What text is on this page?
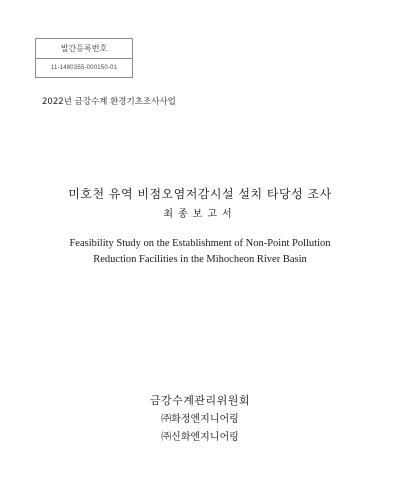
발간등록번호
11-1480355-000150-01
2022년 금강수계 환경기초조사사업
미호천 유역 비점오염저감시설 설치 타당성 조사
최종보고서
Feasibility Study on the Establishment of Non-Point Pollution
Reduction Facilities in the Mihocheon River Basin
금강수계관리위원회
㈜화정엔지니어링
㈜신화엔지니어링
